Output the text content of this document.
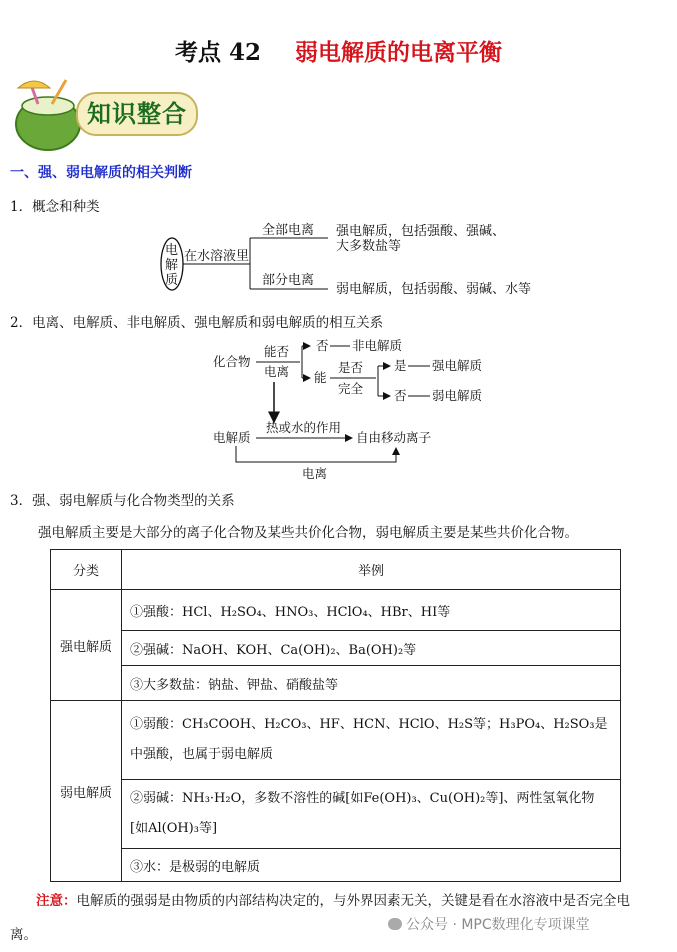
考点 42 弱电解质的电离平衡
知识整合
一、强、弱电解质的相关判断
1．概念和种类
电解质
在水溶液里
全部电离
部分电离
强电解质，包括强酸、强碱、
大多数盐等
弱电解质，包括弱酸、弱碱、水等
2．电离、电解质、非电解质、强电解质和弱电解质的相互关系
化合物
能否
电离
否 非电解质
能
是否
完全
是 强电解质
否 弱电解质
电解质
热或水的作用
自由移动离子
电离
3．强、弱电解质与化合物类型的关系
强电解质主要是大部分的离子化合物及某些共价化合物，弱电解质主要是某些共价化合物。
分类	举例
强电解质	①强酸：HCl、H₂SO₄、HNO₃、HClO₄、HBr、HI等
	②强碱：NaOH、KOH、Ca(OH)₂、Ba(OH)₂等
	③大多数盐：钠盐、钾盐、硝酸盐等
弱电解质	①弱酸：CH₃COOH、H₂CO₃、HF、HCN、HClO、H₂S等；H₃PO₄、H₂SO₃是中强酸，也属于弱电解质
	②弱碱：NH₃·H₂O，多数不溶性的碱[如Fe(OH)₃、Cu(OH)₂等]、两性氢氧化物[如Al(OH)₃等]
	③水：是极弱的电解质
注意：电解质的强弱是由物质的内部结构决定的，与外界因素无关，关键是看在水溶液中是否完全电离。
公众号 · MPC数理化专项课堂
